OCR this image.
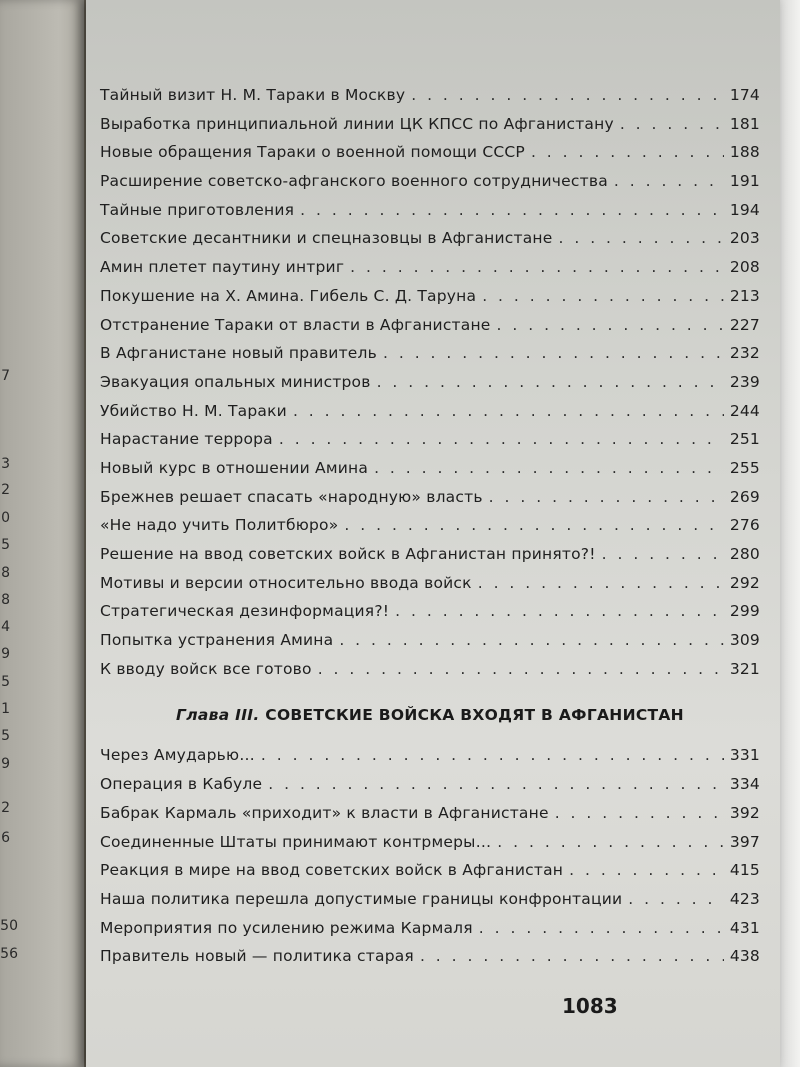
7
3
2
0
5
8
8
4
9
5
1
5
9
2
6
50
56
Тайный визит Н. М. Тараки в Москву . . .	174
Выработка принципиальной линии ЦК КПСС по Афганистану . . .	181
Новые обращения Тараки о военной помощи СССР . . .	188
Расширение советско-афганского военного сотрудничества . . .	191
Тайные приготовления . . .	194
Советские десантники и спецназовцы в Афганистане . . .	203
Амин плетет паутину интриг . . .	208
Покушение на Х. Амина. Гибель С. Д. Таруна . . .	213
Отстранение Тараки от власти в Афганистане . . .	227
В Афганистане новый правитель . . .	232
Эвакуация опальных министров . . .	239
Убийство Н. М. Тараки . . .	244
Нарастание террора . . .	251
Новый курс в отношении Амина . . .	255
Брежнев решает спасать «народную» власть . . .	269
«Не надо учить Политбюро» . . .	276
Решение на ввод советских войск в Афганистан принято?! . . .	280
Мотивы и версии относительно ввода войск . . .	292
Стратегическая дезинформация?! . . .	299
Попытка устранения Амина . . .	309
К вводу войск все готово . . .	321
Глава III. СОВЕТСКИЕ ВОЙСКА ВХОДЯТ В АФГАНИСТАН
Через Амударью… . . .	331
Операция в Кабуле . . .	334
Бабрак Кармаль «приходит» к власти в Афганистане . . .	392
Соединенные Штаты принимают контрмеры… . . .	397
Реакция в мире на ввод советских войск в Афганистан . . .	415
Наша политика перешла допустимые границы конфронтации . . .	423
Мероприятия по усилению режима Кармаля . . .	431
Правитель новый — политика старая . . .	438
1083
